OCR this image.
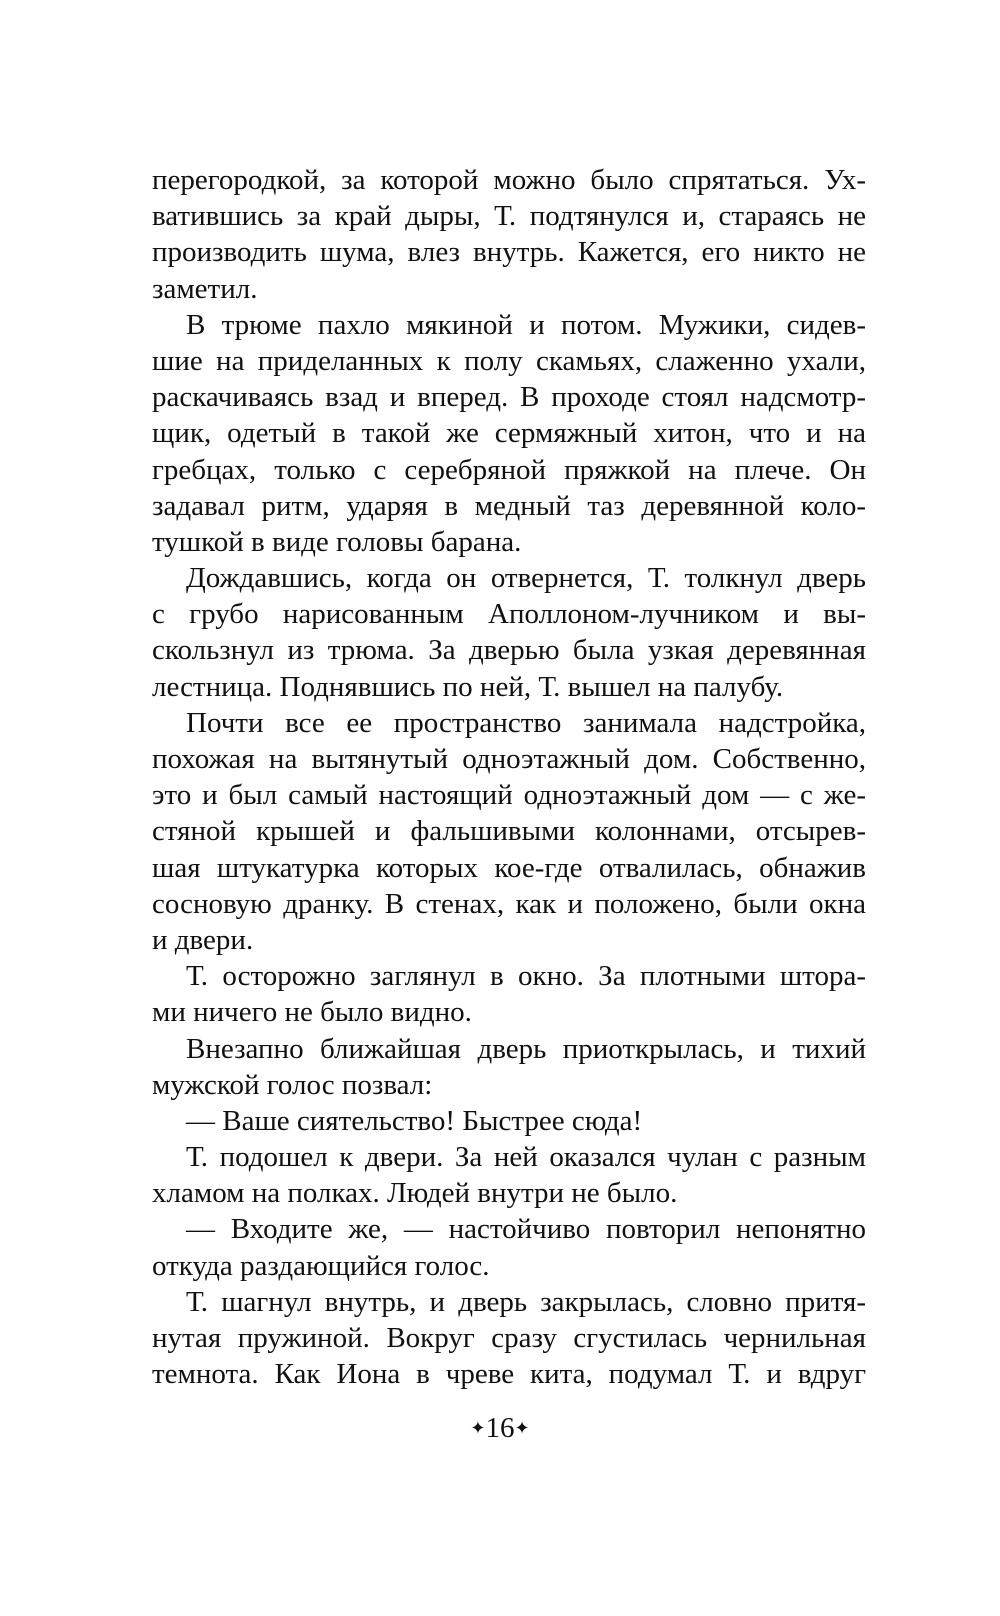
перегородкой, за которой можно было спрятаться. Ух-
ватившись за край дыры, Т. подтянулся и, стараясь не
производить шума, влез внутрь. Кажется, его никто не
заметил.
В трюме пахло мякиной и потом. Мужики, сидев-
шие на приделанных к полу скамьях, слаженно ухали,
раскачиваясь взад и вперед. В проходе стоял надсмотр-
щик, одетый в такой же сермяжный хитон, что и на
гребцах, только с серебряной пряжкой на плече. Он
задавал ритм, ударяя в медный таз деревянной коло-
тушкой в виде головы барана.
Дождавшись, когда он отвернется, Т. толкнул дверь
с грубо нарисованным Аполлоном-лучником и вы-
скользнул из трюма. За дверью была узкая деревянная
лестница. Поднявшись по ней, Т. вышел на палубу.
Почти все ее пространство занимала надстройка,
похожая на вытянутый одноэтажный дом. Собственно,
это и был самый настоящий одноэтажный дом — с же-
стяной крышей и фальшивыми колоннами, отсырев-
шая штукатурка которых кое-где отвалилась, обнажив
сосновую дранку. В стенах, как и положено, были окна
и двери.
Т. осторожно заглянул в окно. За плотными штора-
ми ничего не было видно.
Внезапно ближайшая дверь приоткрылась, и тихий
мужской голос позвал:
— Ваше сиятельство! Быстрее сюда!
Т. подошел к двери. За ней оказался чулан с разным
хламом на полках. Людей внутри не было.
— Входите же, — настойчиво повторил непонятно
откуда раздающийся голос.
Т. шагнул внутрь, и дверь закрылась, словно притя-
нутая пружиной. Вокруг сразу сгустилась чернильная
темнота. Как Иона в чреве кита, подумал Т. и вдруг
✦16✦
